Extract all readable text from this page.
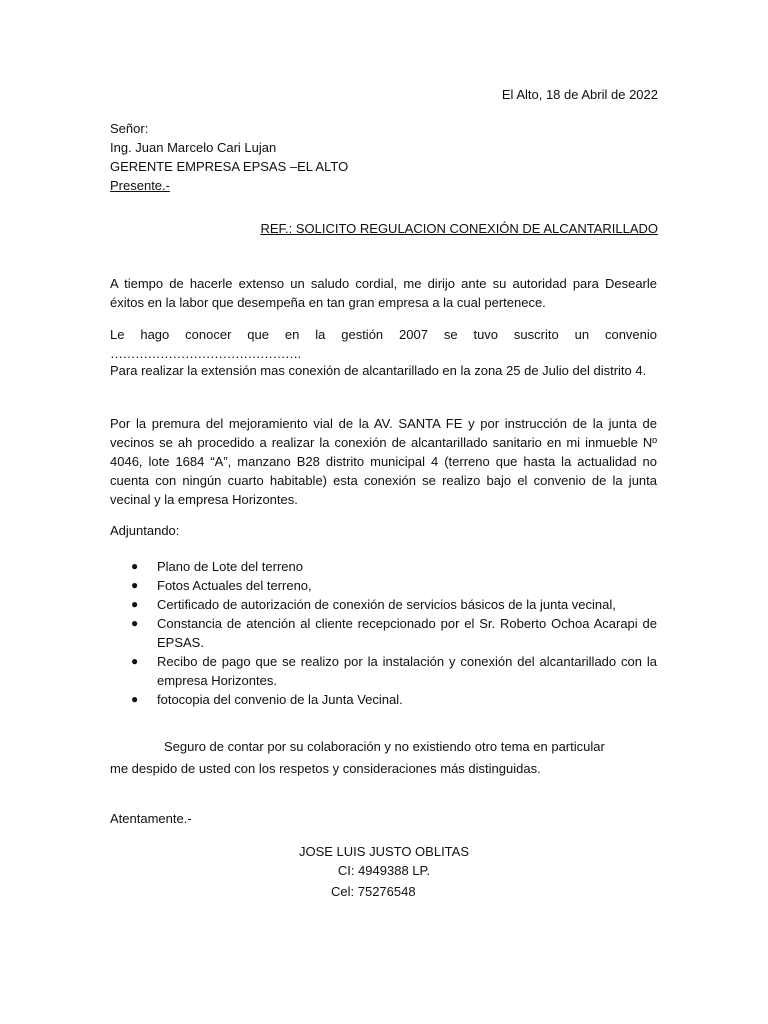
El Alto, 18 de Abril de 2022
Señor:
Ing. Juan Marcelo Cari Lujan
GERENTE EMPRESA EPSAS –EL ALTO
Presente.-
REF.: SOLICITO REGULACION CONEXIÓN DE ALCANTARILLADO
A tiempo de hacerle extenso un saludo cordial, me dirijo ante su autoridad para Desearle éxitos en la labor que desempeña en tan gran empresa a la cual pertenece.
Le hago conocer que en la gestión 2007 se tuvo suscrito un convenio
……………………………………….
Para realizar la extensión mas conexión de alcantarillado en la zona 25 de Julio del distrito 4.
Por la premura del mejoramiento vial de la AV. SANTA FE y por instrucción de la junta de vecinos se ah procedido a realizar la conexión de alcantarillado sanitario en mi inmueble Nº 4046, lote 1684 “A”, manzano B28 distrito municipal 4 (terreno que hasta la actualidad no cuenta con ningún cuarto habitable) esta conexión se realizo bajo el convenio de la junta vecinal y la empresa Horizontes.
Adjuntando:
● Plano de Lote del terreno
● Fotos Actuales del terreno,
● Certificado de autorización de conexión de servicios básicos de la junta vecinal,
● Constancia de atención al cliente recepcionado por el Sr. Roberto Ochoa Acarapi de EPSAS.
● Recibo de pago que se realizo por la instalación y conexión del alcantarillado con la empresa Horizontes.
● fotocopia del convenio de la Junta Vecinal.
Seguro de contar por su colaboración y no existiendo otro tema en particular
me despido de usted con los respetos y consideraciones más distinguidas.
Atentamente.-
JOSE LUIS JUSTO OBLITAS
CI: 4949388 LP.
Cel: 75276548
